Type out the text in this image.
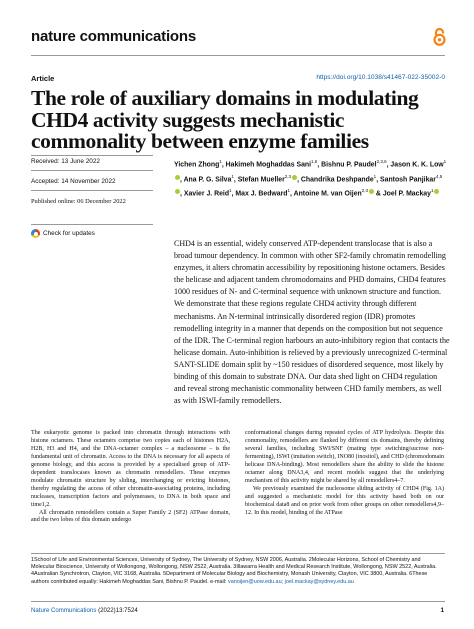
nature communications
Article	https://doi.org/10.1038/s41467-022-35002-0
The role of auxiliary domains in modulating CHD4 activity suggests mechanistic commonality between enzyme families
Received: 13 June 2022
Accepted: 14 November 2022
Published online: 06 December 2022
Check for updates
Yichen Zhong$^1$, Hakimeh Moghaddas Sani$^{1,6}$, Bishnu P. Paudel$^{2,3,6}$, Jason K. K. Low$^1$, Ana P. G. Silva$^1$, Stefan Mueller$^{2,3}$ , Chandrika Deshpande$^1$, Santosh Panjikar$^{4,5}$, Xavier J. Reid$^1$, Max J. Bedward$^1$, Antoine M. van Oijen$^{2,3}$ & Joel P. Mackay$^1$
CHD4 is an essential, widely conserved ATP-dependent translocase that is also a broad tumour dependency. In common with other SF2-family chromatin remodelling enzymes, it alters chromatin accessibility by repositioning histone octamers. Besides the helicase and adjacent tandem chromodomains and PHD domains, CHD4 features 1000 residues of N- and C-terminal sequence with unknown structure and function. We demonstrate that these regions regulate CHD4 activity through different mechanisms. An N-terminal intrinsically disordered region (IDR) promotes remodelling integrity in a manner that depends on the composition but not sequence of the IDR. The C-terminal region harbours an auto-inhibitory region that contacts the helicase domain. Auto-inhibition is relieved by a previously unrecognized C-terminal SANT-SLIDE domain split by ~150 residues of disordered sequence, most likely by binding of this domain to substrate DNA. Our data shed light on CHD4 regulation and reveal strong mechanistic commonality between CHD family members, as well as with ISWI-family remodellers.

The eukaryotic genome is packed into chromatin through interactions with histone octamers. These octamers comprise two copies each of histones H2A, H2B, H3 and H4, and the DNA-octamer complex – a nucleosome – is the fundamental unit of chromatin. Access to the DNA is necessary for all aspects of genome biology, and this access is provided by a specialised group of ATP-dependent translocases known as chromatin remodellers. These enzymes modulate chromatin structure by sliding, interchanging or evicting histones, thereby regulating the access of other chromatin-associating proteins, including nucleases, transcription factors and polymerases, to DNA in both space and time1,2.

All chromatin remodellers contain a Super Family 2 (SF2) ATPase domain, and the two lobes of this domain undergo

conformational changes during repeated cycles of ATP hydrolysis. Despite this commonality, remodellers are flanked by different cis domains, thereby defining several families, including SWI/SNF (mating type switching/sucrose non-fermenting), ISWI (imitation switch), INO80 (inositol), and CHD (chromodomain helicase DNA-binding). Most remodellers share the ability to slide the histone octamer along DNA3,4, and recent models suggest that the underlying mechanism of this activity might be shared by all remodellers4–7.

We previously examined the nucleosome sliding activity of CHD4 (Fig. 1A) and suggested a mechanistic model for this activity based both on our biochemical data8 and on prior work from other groups on other remodellers4,9–12. In this model, binding of the ATPase

1School of Life and Environmental Sciences, University of Sydney, The University of Sydney, NSW 2006, Australia. 2Molecular Horizons, School of Chemistry and Molecular Bioscience, University of Wollongong, Wollongong, NSW 2522, Australia. 3Illawarra Health and Medical Research Institute, Wollongong, NSW 2522, Australia. 4Australian Synchrotron, Clayton, VIC 3168, Australia. 5Department of Molecular Biology and Biochemistry, Monash University, Clayton, VIC 3800, Australia. 6These authors contributed equally: Hakimeh Moghaddas Sani, Bishnu P. Paudel. e-mail: vanoijen@uow.edu.au; joel.mackay@sydney.edu.au
Nature Communications (2022)13:7524	1
